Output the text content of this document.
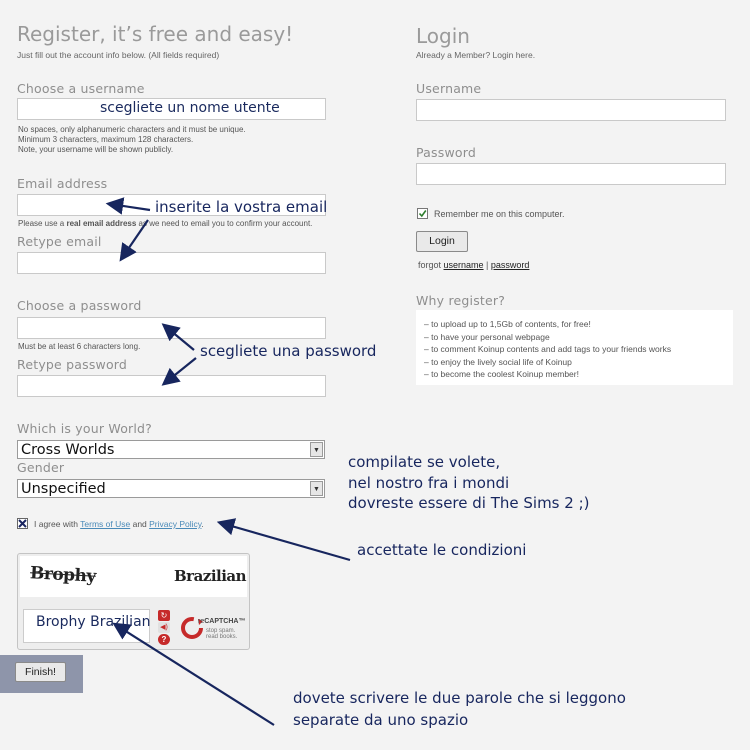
Register, it’s free and easy!
Just fill out the account info below. (All fields required)
Choose a username
scegliete un nome utente
No spaces, only alphanumeric characters and it must be unique.
Minimum 3 characters, maximum 128 characters.
Note, your username will be shown publicly.
Email address
Please use a real email address as we need to email you to confirm your account.
Retype email
Choose a password
Must be at least 6 characters long.
Retype password
Which is your World?
Cross Worlds	▼
Gender
Unspecified	▼
I agree with Terms of Use and Privacy Policy.
Brophy	Brazilian
Brophy Brazilian	↻
◀)
?
reCAPTCHA™
stop spam.
read books.
Finish!
Login
Already a Member? Login here.
Username
Password
Remember me on this computer.
Login
forgot username | password
Why register?
– to upload up to 1,5Gb of contents, for free!
– to have your personal webpage
– to comment Koinup contents and add tags to your friends works
– to enjoy the lively social life of Koinup
– to become the coolest Koinup member!
inserite la vostra email
scegliete una password
compilate se volete,
nel nostro fra i mondi
dovreste essere di The Sims 2 ;)
accettate le condizioni
dovete scrivere le due parole che si leggono
separate da uno spazio
